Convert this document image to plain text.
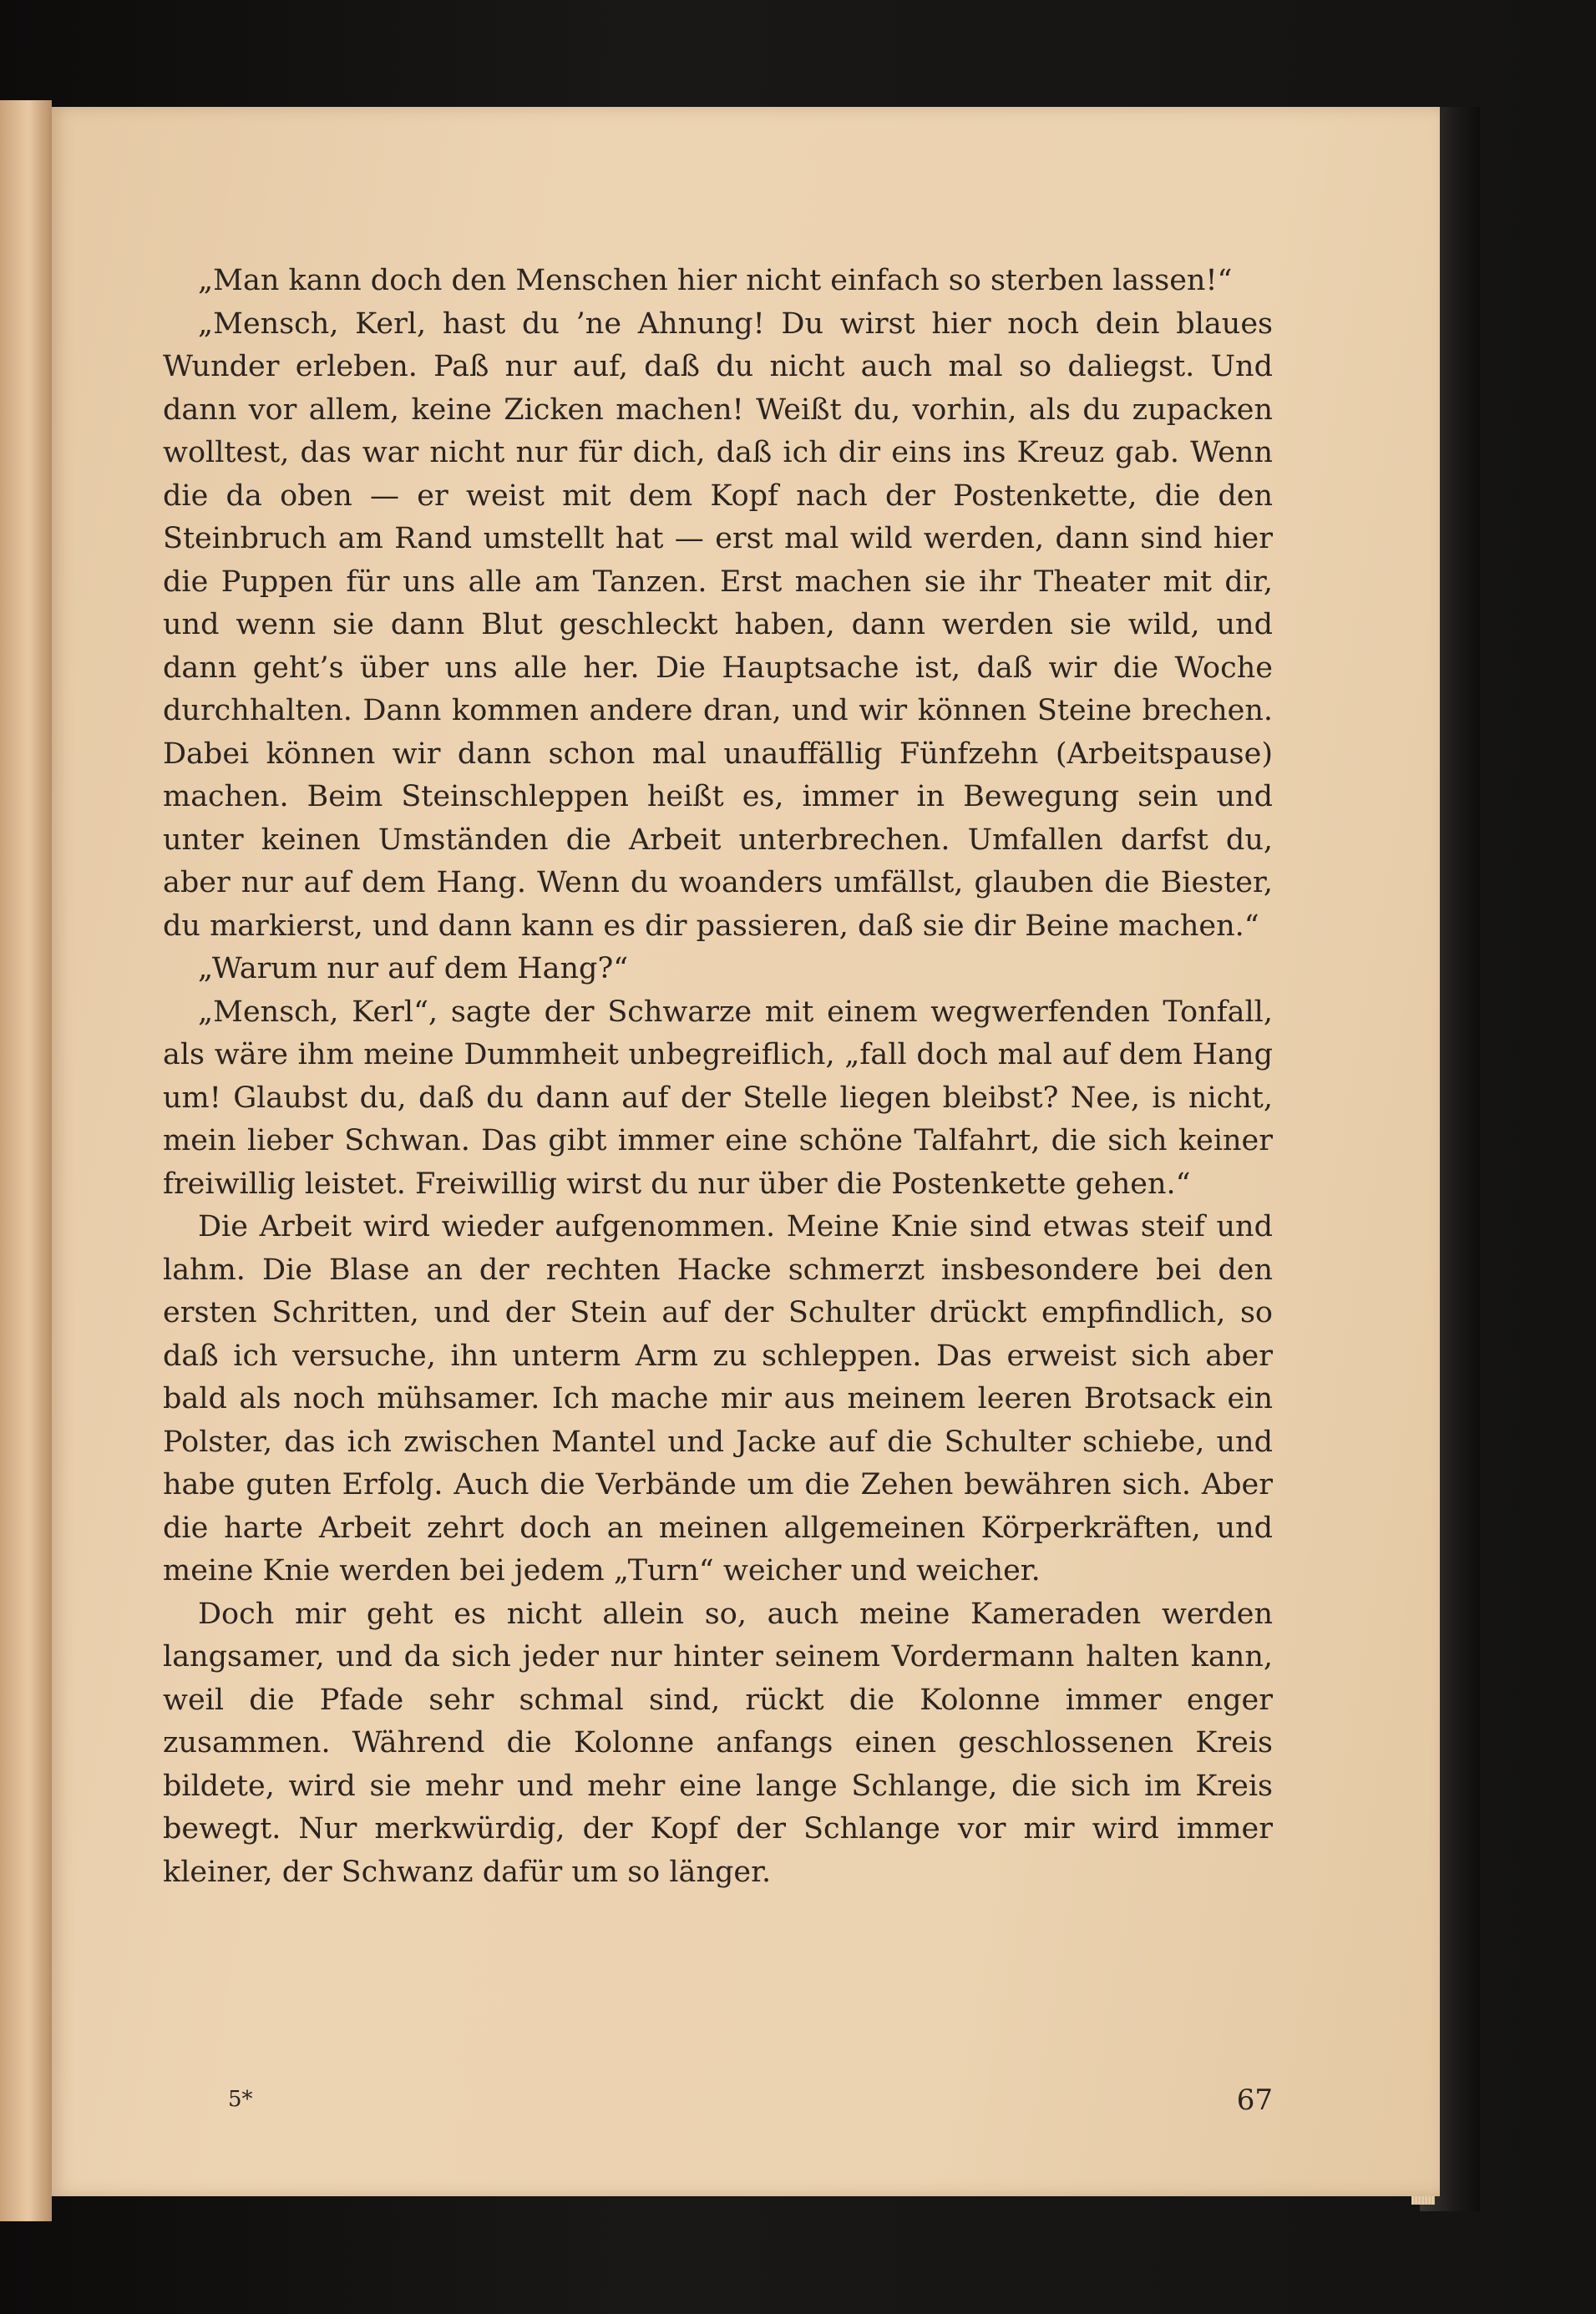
„Man kann doch den Menschen hier nicht einfach so sterben lassen!“

„Mensch, Kerl, hast du ’ne Ahnung! Du wirst hier noch dein blaues Wunder erleben. Paß nur auf, daß du nicht auch mal so daliegst. Und dann vor allem, keine Zicken machen! Weißt du, vorhin, als du zupacken wolltest, das war nicht nur für dich, daß ich dir eins ins Kreuz gab. Wenn die da oben — er weist mit dem Kopf nach der Postenkette, die den Steinbruch am Rand umstellt hat — erst mal wild werden, dann sind hier die Puppen für uns alle am Tanzen. Erst machen sie ihr Theater mit dir, und wenn sie dann Blut geschleckt haben, dann werden sie wild, und dann geht’s über uns alle her. Die Hauptsache ist, daß wir die Woche durchhalten. Dann kommen andere dran, und wir können Steine brechen. Dabei können wir dann schon mal unauffällig Fünfzehn (Arbeitspause) machen. Beim Steinschleppen heißt es, immer in Bewegung sein und unter keinen Umständen die Arbeit unterbrechen. Umfallen darfst du, aber nur auf dem Hang. Wenn du woanders umfällst, glauben die Biester, du markierst, und dann kann es dir passieren, daß sie dir Beine machen.“

„Warum nur auf dem Hang?“

„Mensch, Kerl“, sagte der Schwarze mit einem wegwerfenden Tonfall, als wäre ihm meine Dummheit unbegreiflich, „fall doch mal auf dem Hang um! Glaubst du, daß du dann auf der Stelle liegen bleibst? Nee, is nicht, mein lieber Schwan. Das gibt immer eine schöne Talfahrt, die sich keiner freiwillig leistet. Freiwillig wirst du nur über die Postenkette gehen.“

Die Arbeit wird wieder aufgenommen. Meine Knie sind etwas steif und lahm. Die Blase an der rechten Hacke schmerzt insbesondere bei den ersten Schritten, und der Stein auf der Schulter drückt empfindlich, so daß ich versuche, ihn unterm Arm zu schleppen. Das erweist sich aber bald als noch mühsamer. Ich mache mir aus meinem leeren Brotsack ein Polster, das ich zwischen Mantel und Jacke auf die Schulter schiebe, und habe guten Erfolg. Auch die Verbände um die Zehen bewähren sich. Aber die harte Arbeit zehrt doch an meinen allgemeinen Körperkräften, und meine Knie werden bei jedem „Turn“ weicher und weicher.

Doch mir geht es nicht allein so, auch meine Kameraden werden langsamer, und da sich jeder nur hinter seinem Vordermann halten kann, weil die Pfade sehr schmal sind, rückt die Kolonne immer enger zusammen. Während die Kolonne anfangs einen geschlossenen Kreis bildete, wird sie mehr und mehr eine lange Schlange, die sich im Kreis bewegt. Nur merkwürdig, der Kopf der Schlange vor mir wird immer kleiner, der Schwanz dafür um so länger.

5*	67
